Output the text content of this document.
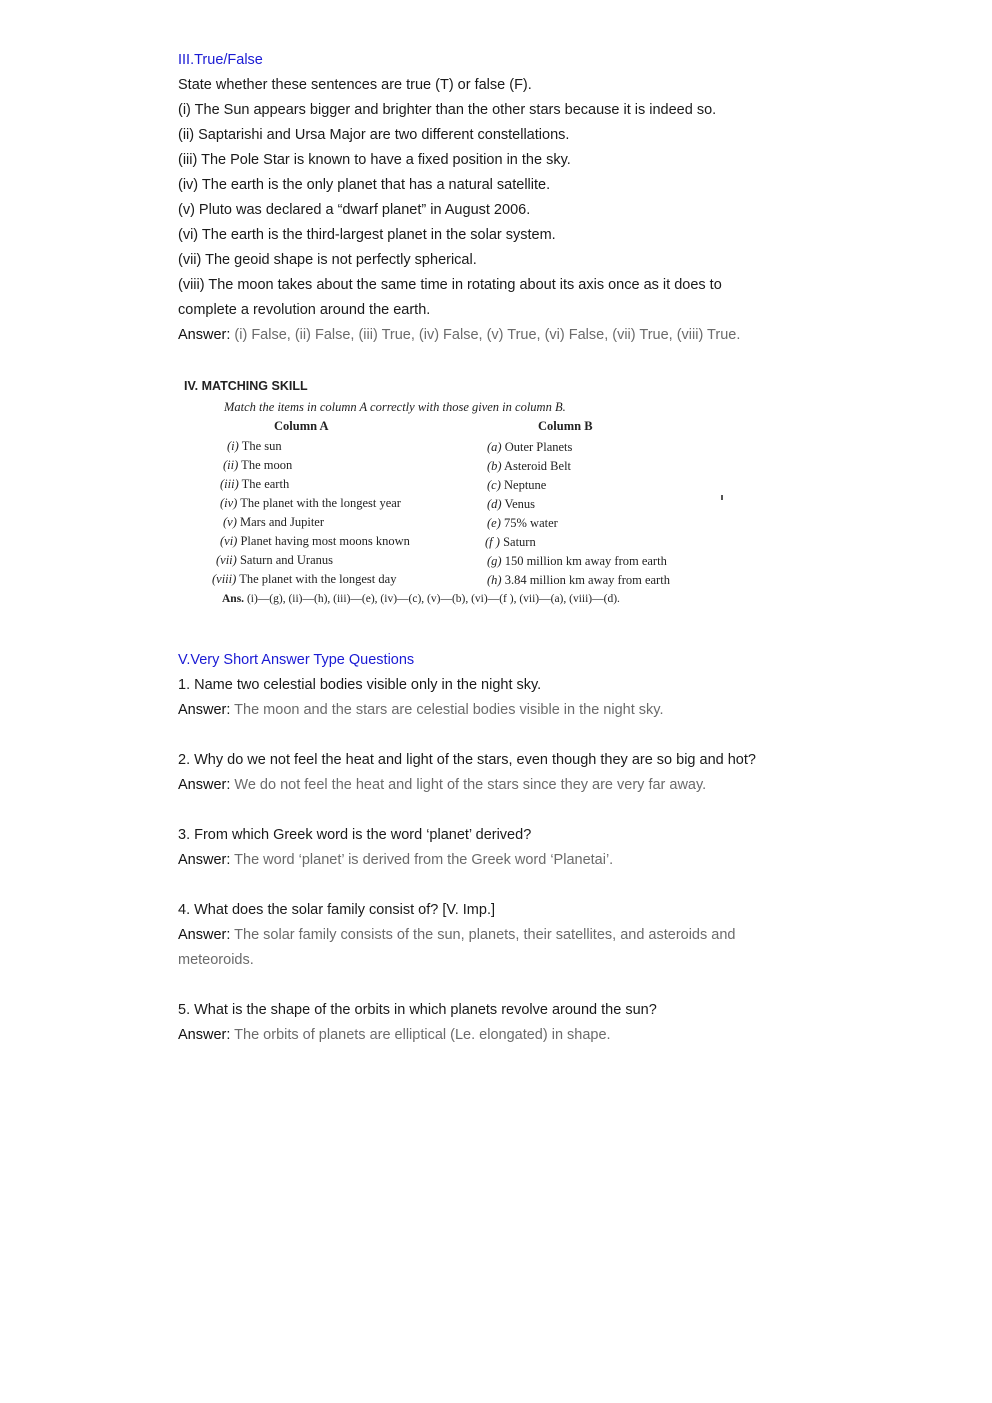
III.True/False

State whether these sentences are true (T) or false (F).

(i) The Sun appears bigger and brighter than the other stars because it is indeed so.

(ii) Saptarishi and Ursa Major are two different constellations.

(iii) The Pole Star is known to have a fixed position in the sky.

(iv) The earth is the only planet that has a natural satellite.

(v) Pluto was declared a “dwarf planet” in August 2006.

(vi) The earth is the third-largest planet in the solar system.

(vii) The geoid shape is not perfectly spherical.

(viii) The moon takes about the same time in rotating about its axis once as it does to

complete a revolution around the earth.

Answer: (i) False, (ii) False, (iii) True, (iv) False, (v) True, (vi) False, (vii) True, (viii) True.

IV. MATCHING SKILL
Match the items in column A correctly with those given in column B.
Column A	Column B
(i) The sun
(ii) The moon
(iii) The earth
(iv) The planet with the longest year
(v) Mars and Jupiter
(vi) Planet having most moons known
(vii) Saturn and Uranus
(viii) The planet with the longest day
(a) Outer Planets
(b) Asteroid Belt
(c) Neptune
(d) Venus
(e) 75% water
(f ) Saturn
(g) 150 million km away from earth
(h) 3.84 million km away from earth
Ans. (i)—(g), (ii)—(h), (iii)—(e), (iv)—(c), (v)—(b), (vi)—(f ), (vii)—(a), (viii)—(d).

V.Very Short Answer Type Questions

1. Name two celestial bodies visible only in the night sky.

Answer: The moon and the stars are celestial bodies visible in the night sky.

2. Why do we not feel the heat and light of the stars, even though they are so big and hot?

Answer: We do not feel the heat and light of the stars since they are very far away.

3. From which Greek word is the word ‘planet’ derived?

Answer: The word ‘planet’ is derived from the Greek word ‘Planetai’.

4. What does the solar family consist of? [V. Imp.]

Answer: The solar family consists of the sun, planets, their satellites, and asteroids and

meteoroids.

5. What is the shape of the orbits in which planets revolve around the sun?

Answer: The orbits of planets are elliptical (Le. elongated) in shape.
